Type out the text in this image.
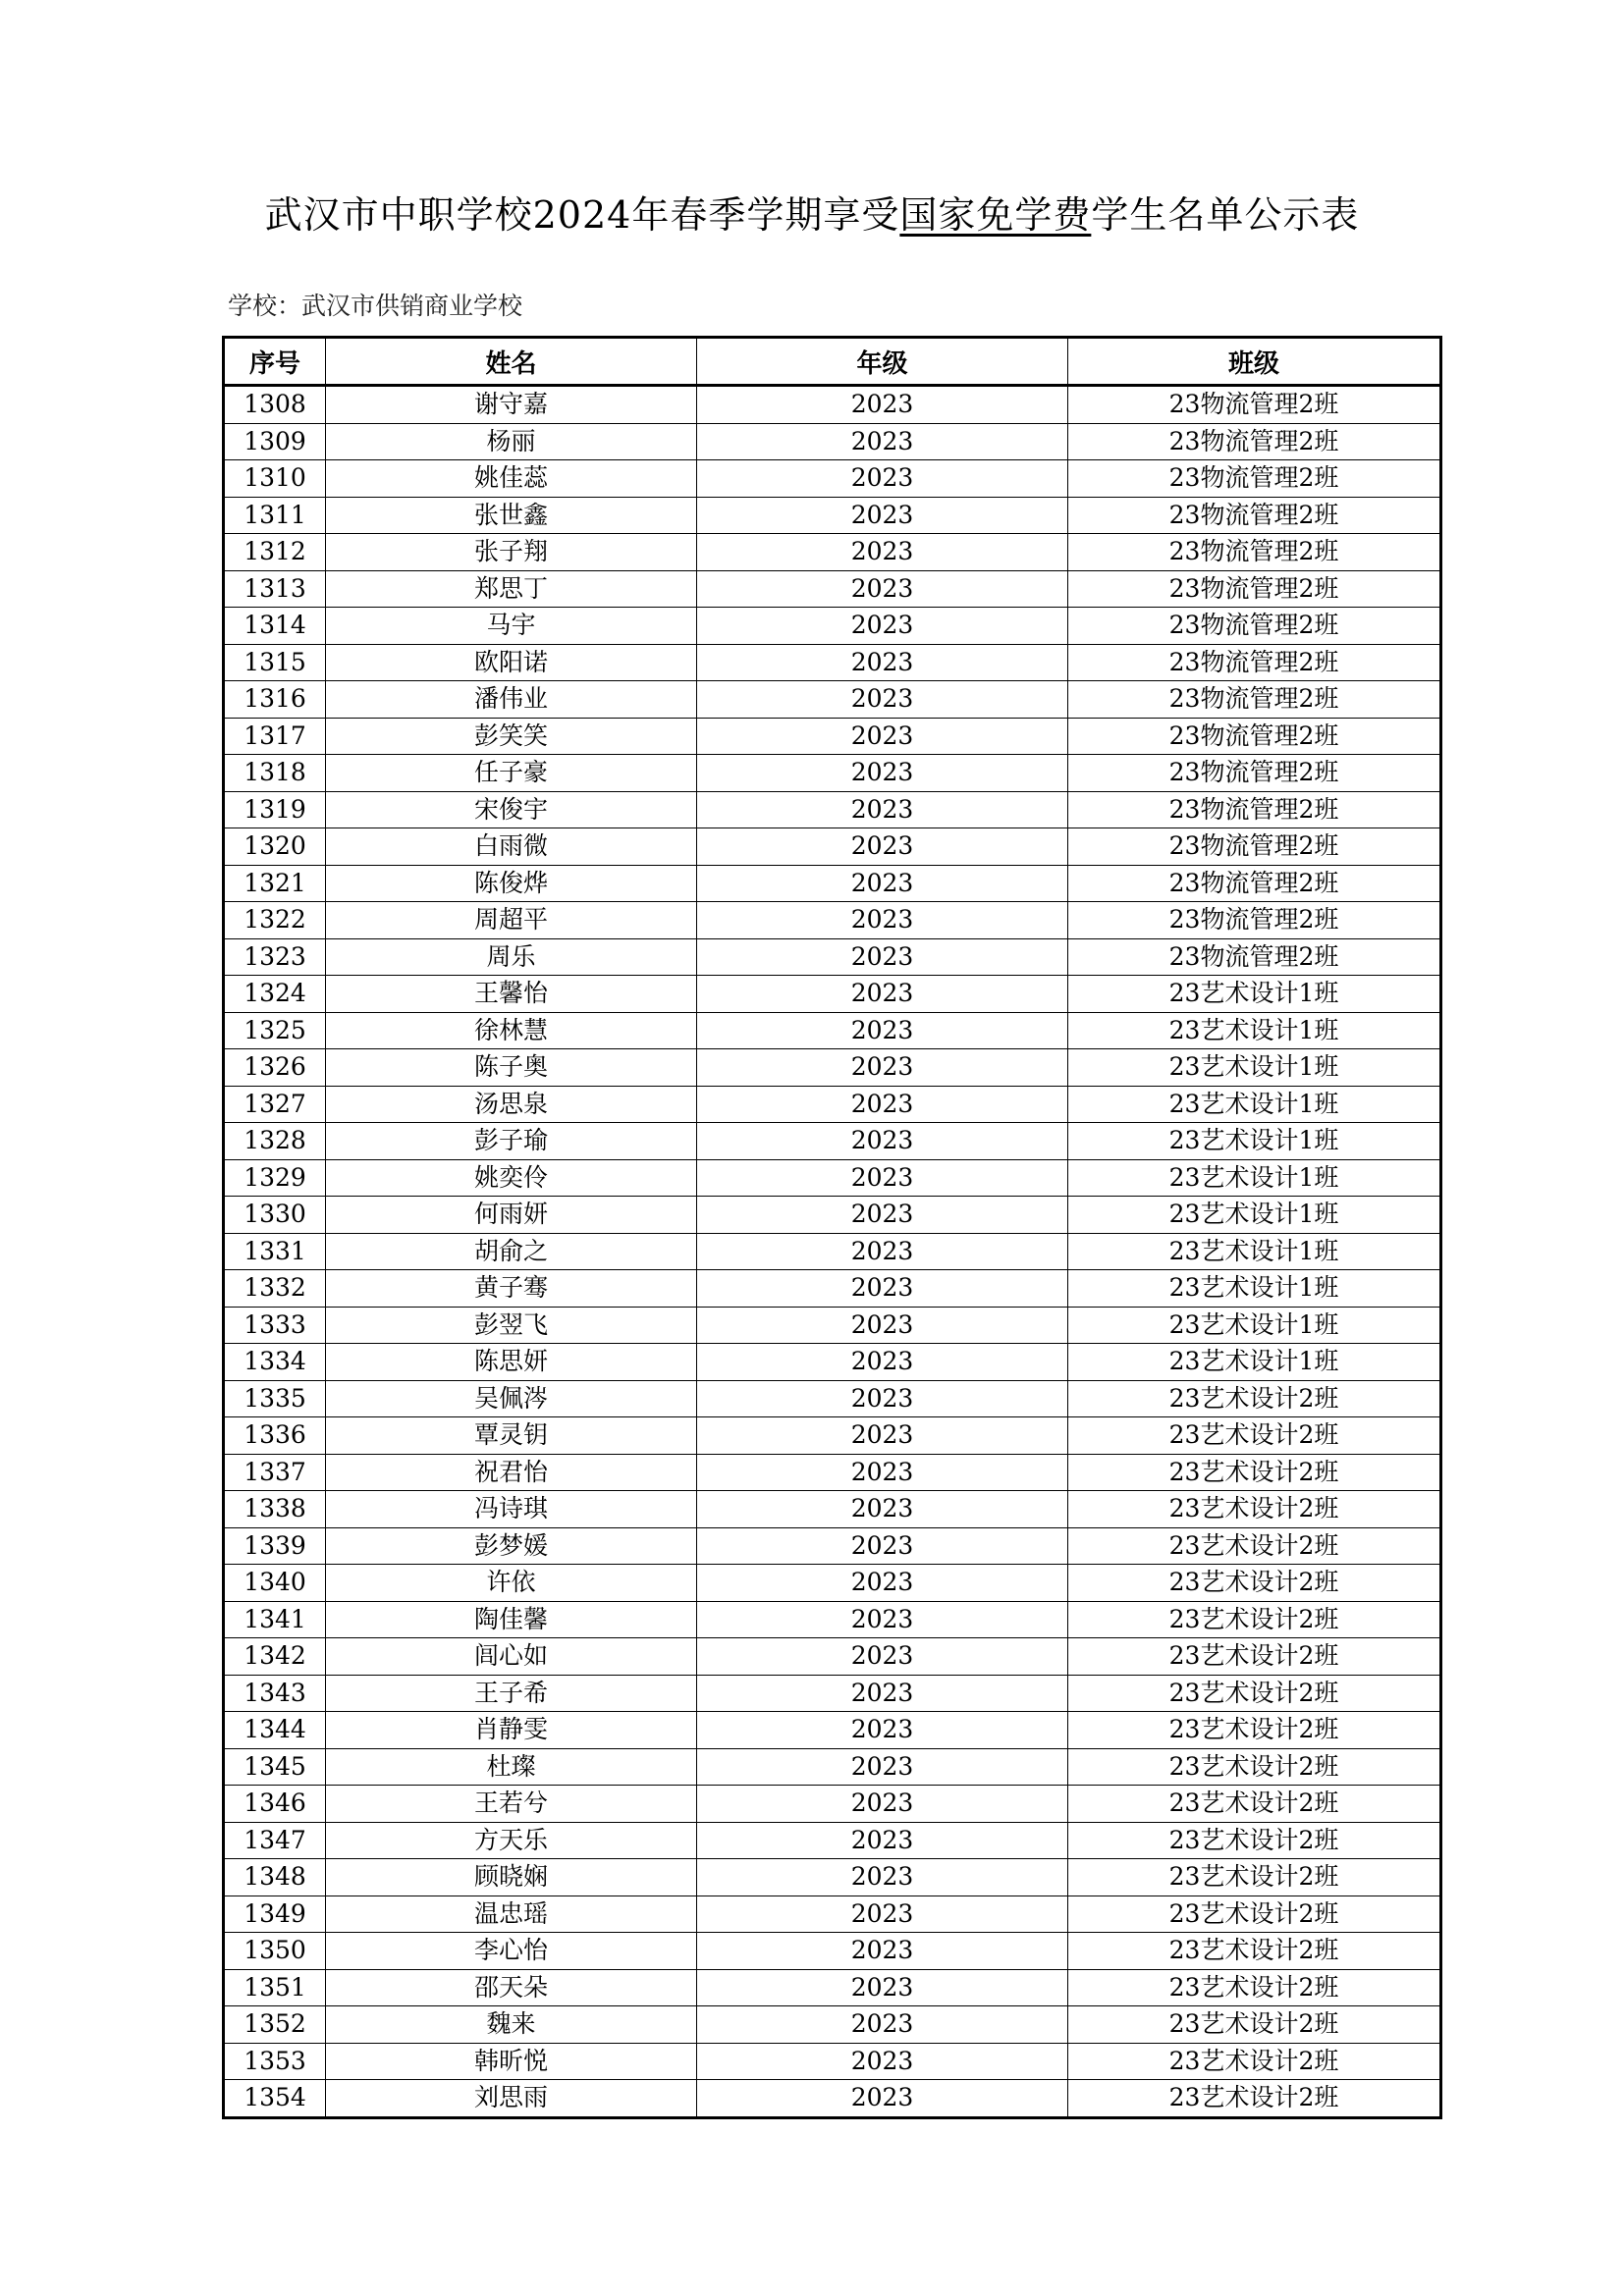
武汉市中职学校2024年春季学期享受国家免学费学生名单公示表
学校：武汉市供销商业学校
序号	姓名	年级	班级
1308	谢守嘉	2023	23物流管理2班
1309	杨丽	2023	23物流管理2班
1310	姚佳蕊	2023	23物流管理2班
1311	张世鑫	2023	23物流管理2班
1312	张子翔	2023	23物流管理2班
1313	郑思丁	2023	23物流管理2班
1314	马宇	2023	23物流管理2班
1315	欧阳诺	2023	23物流管理2班
1316	潘伟业	2023	23物流管理2班
1317	彭笑笑	2023	23物流管理2班
1318	任子豪	2023	23物流管理2班
1319	宋俊宇	2023	23物流管理2班
1320	白雨微	2023	23物流管理2班
1321	陈俊烨	2023	23物流管理2班
1322	周超平	2023	23物流管理2班
1323	周乐	2023	23物流管理2班
1324	王馨怡	2023	23艺术设计1班
1325	徐林慧	2023	23艺术设计1班
1326	陈子奥	2023	23艺术设计1班
1327	汤思泉	2023	23艺术设计1班
1328	彭子瑜	2023	23艺术设计1班
1329	姚奕伶	2023	23艺术设计1班
1330	何雨妍	2023	23艺术设计1班
1331	胡俞之	2023	23艺术设计1班
1332	黄子骞	2023	23艺术设计1班
1333	彭翌飞	2023	23艺术设计1班
1334	陈思妍	2023	23艺术设计1班
1335	吴佩涔	2023	23艺术设计2班
1336	覃灵钥	2023	23艺术设计2班
1337	祝君怡	2023	23艺术设计2班
1338	冯诗琪	2023	23艺术设计2班
1339	彭梦媛	2023	23艺术设计2班
1340	许依	2023	23艺术设计2班
1341	陶佳馨	2023	23艺术设计2班
1342	闾心如	2023	23艺术设计2班
1343	王子希	2023	23艺术设计2班
1344	肖静雯	2023	23艺术设计2班
1345	杜璨	2023	23艺术设计2班
1346	王若兮	2023	23艺术设计2班
1347	方天乐	2023	23艺术设计2班
1348	顾晓娴	2023	23艺术设计2班
1349	温忠瑶	2023	23艺术设计2班
1350	李心怡	2023	23艺术设计2班
1351	邵天朵	2023	23艺术设计2班
1352	魏来	2023	23艺术设计2班
1353	韩昕悦	2023	23艺术设计2班
1354	刘思雨	2023	23艺术设计2班
